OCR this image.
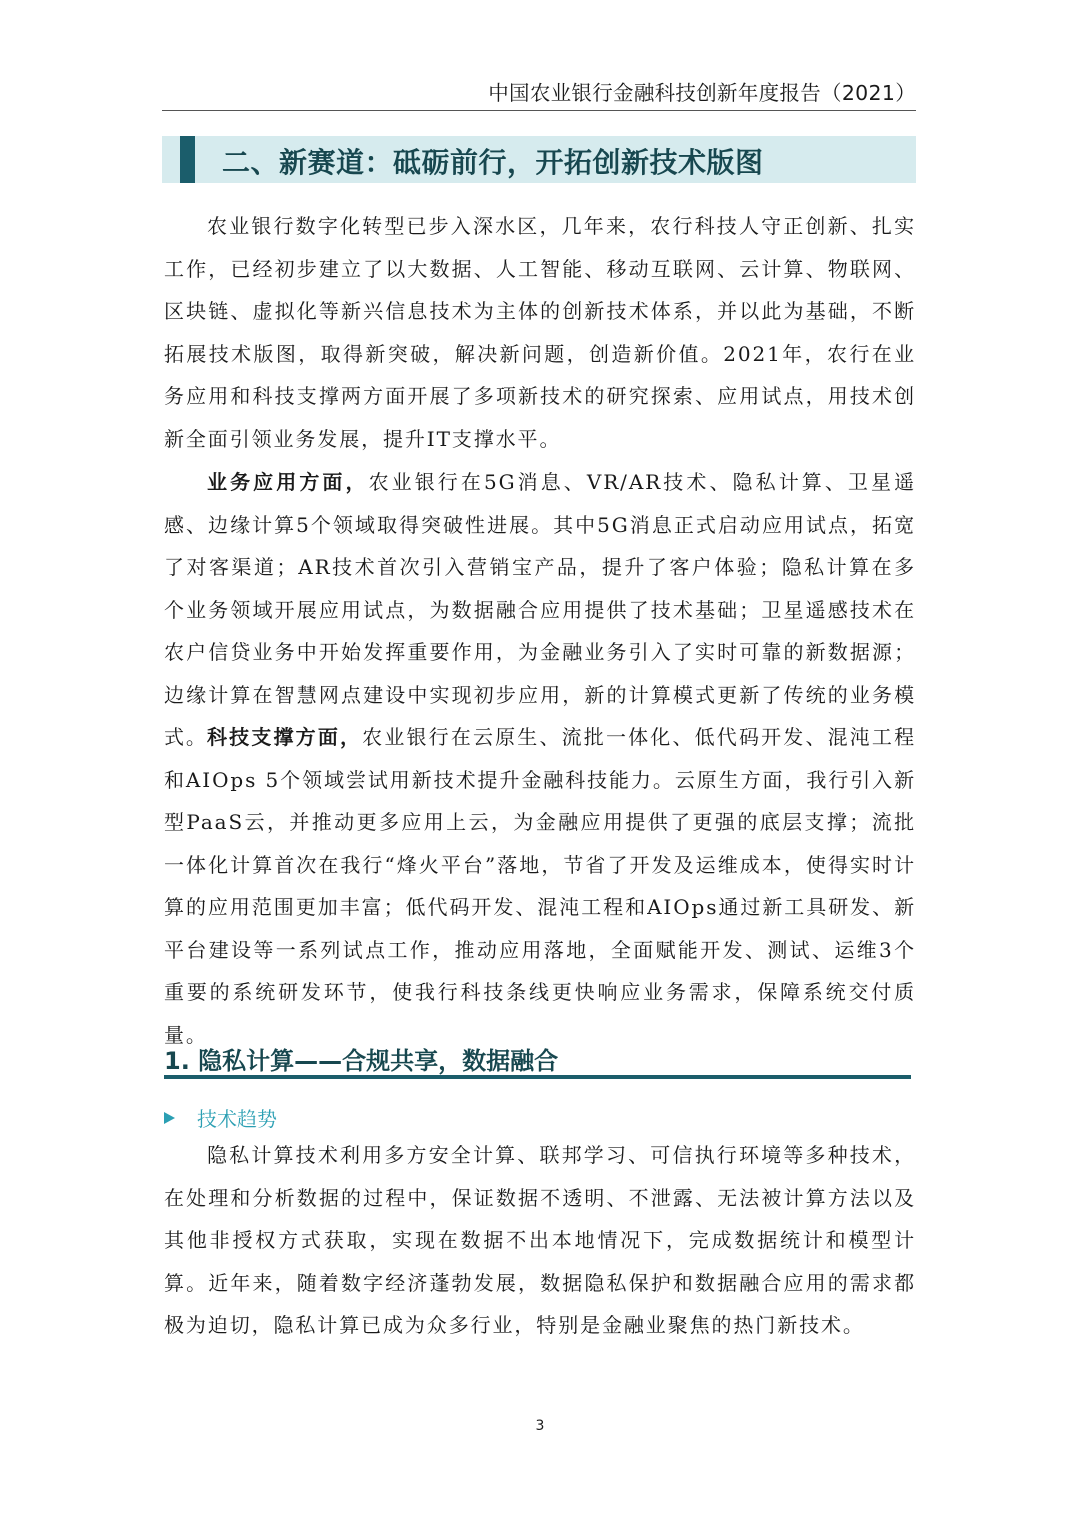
中国农业银行金融科技创新年度报告（2021）
二、新赛道：砥砺前行，开拓创新技术版图

农业银行数字化转型已步入深水区，几年来，农行科技人守正创新、扎实工作，已经初步建立了以大数据、人工智能、移动互联网、云计算、物联网、区块链、虚拟化等新兴信息技术为主体的创新技术体系，并以此为基础，不断拓展技术版图，取得新突破，解决新问题，创造新价值。2021年，农行在业务应用和科技支撑两方面开展了多项新技术的研究探索、应用试点，用技术创新全面引领业务发展，提升IT支撑水平。

业务应用方面，农业银行在5G消息、VR/AR技术、隐私计算、卫星遥感、边缘计算5个领域取得突破性进展。其中5G消息正式启动应用试点，拓宽了对客渠道；AR技术首次引入营销宝产品，提升了客户体验；隐私计算在多个业务领域开展应用试点，为数据融合应用提供了技术基础；卫星遥感技术在农户信贷业务中开始发挥重要作用，为金融业务引入了实时可靠的新数据源；边缘计算在智慧网点建设中实现初步应用，新的计算模式更新了传统的业务模式。 科技支撑方面，农业银行在云原生、流批一体化、低代码开发、混沌工程和AIOps 5个领域尝试用新技术提升金融科技能力。云原生方面，我行引入新型PaaS云，并推动更多应用上云，为金融应用提供了更强的底层支撑；流批一体化计算首次在我行“烽火平台”落地，节省了开发及运维成本，使得实时计算的应用范围更加丰富；低代码开发、混沌工程和AIOps通过新工具研发、新平台建设等一系列试点工作，推动应用落地，全面赋能开发、测试、运维3个重要的系统研发环节，使我行科技条线更快响应业务需求，保障系统交付质量。

1. 隐私计算——合规共享，数据融合
技术趋势

隐私计算技术利用多方安全计算、联邦学习、可信执行环境等多种技术，在处理和分析数据的过程中，保证数据不透明、不泄露、无法被计算方法以及其他非授权方式获取，实现在数据不出本地情况下，完成数据统计和模型计算。近年来，随着数字经济蓬勃发展，数据隐私保护和数据融合应用的需求都极为迫切，隐私计算已成为众多行业，特别是金融业聚焦的热门新技术。

3
